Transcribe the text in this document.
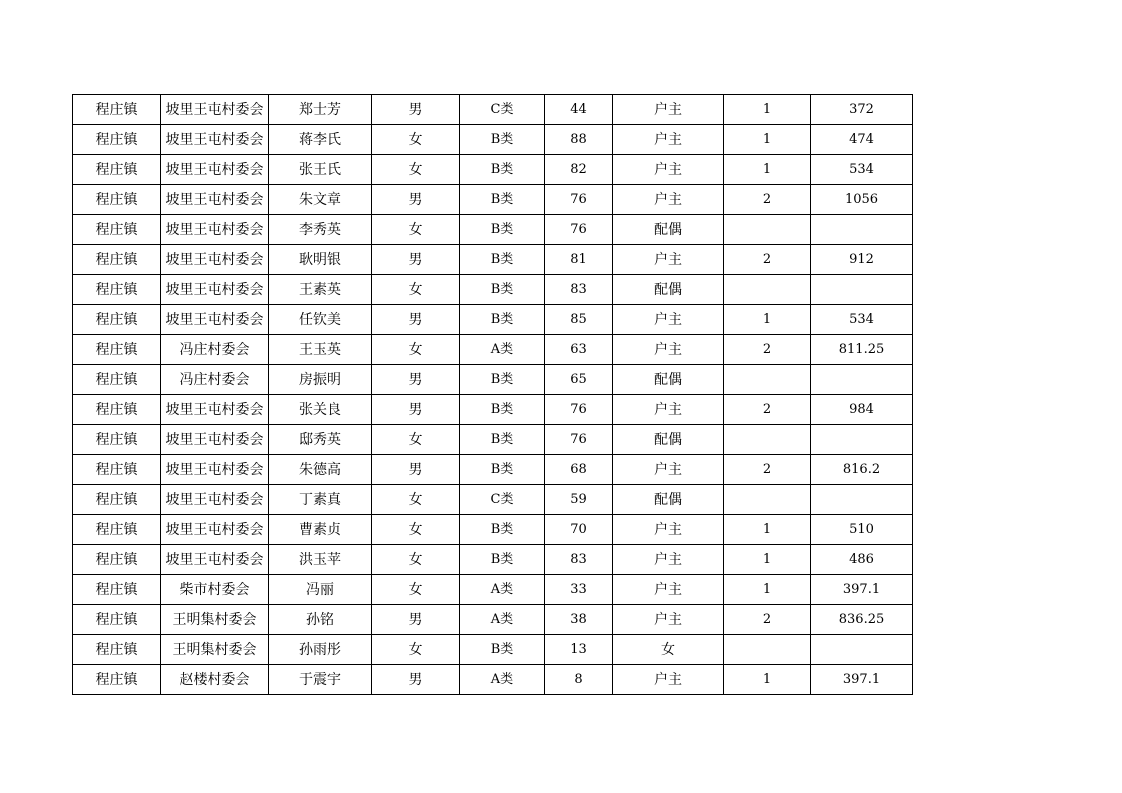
程庄镇	坡里王屯村委会	郑士芳	男	C类	44	户主	1	372
程庄镇	坡里王屯村委会	蒋李氏	女	B类	88	户主	1	474
程庄镇	坡里王屯村委会	张王氏	女	B类	82	户主	1	534
程庄镇	坡里王屯村委会	朱文章	男	B类	76	户主	2	1056
程庄镇	坡里王屯村委会	李秀英	女	B类	76	配偶		
程庄镇	坡里王屯村委会	耿明银	男	B类	81	户主	2	912
程庄镇	坡里王屯村委会	王素英	女	B类	83	配偶		
程庄镇	坡里王屯村委会	任钦美	男	B类	85	户主	1	534
程庄镇	冯庄村委会	王玉英	女	A类	63	户主	2	811.25
程庄镇	冯庄村委会	房振明	男	B类	65	配偶		
程庄镇	坡里王屯村委会	张关良	男	B类	76	户主	2	984
程庄镇	坡里王屯村委会	邸秀英	女	B类	76	配偶		
程庄镇	坡里王屯村委会	朱德高	男	B类	68	户主	2	816.2
程庄镇	坡里王屯村委会	丁素真	女	C类	59	配偶		
程庄镇	坡里王屯村委会	曹素贞	女	B类	70	户主	1	510
程庄镇	坡里王屯村委会	洪玉苹	女	B类	83	户主	1	486
程庄镇	柴市村委会	冯丽	女	A类	33	户主	1	397.1
程庄镇	王明集村委会	孙铭	男	A类	38	户主	2	836.25
程庄镇	王明集村委会	孙雨彤	女	B类	13	女		
程庄镇	赵楼村委会	于震宇	男	A类	8	户主	1	397.1
